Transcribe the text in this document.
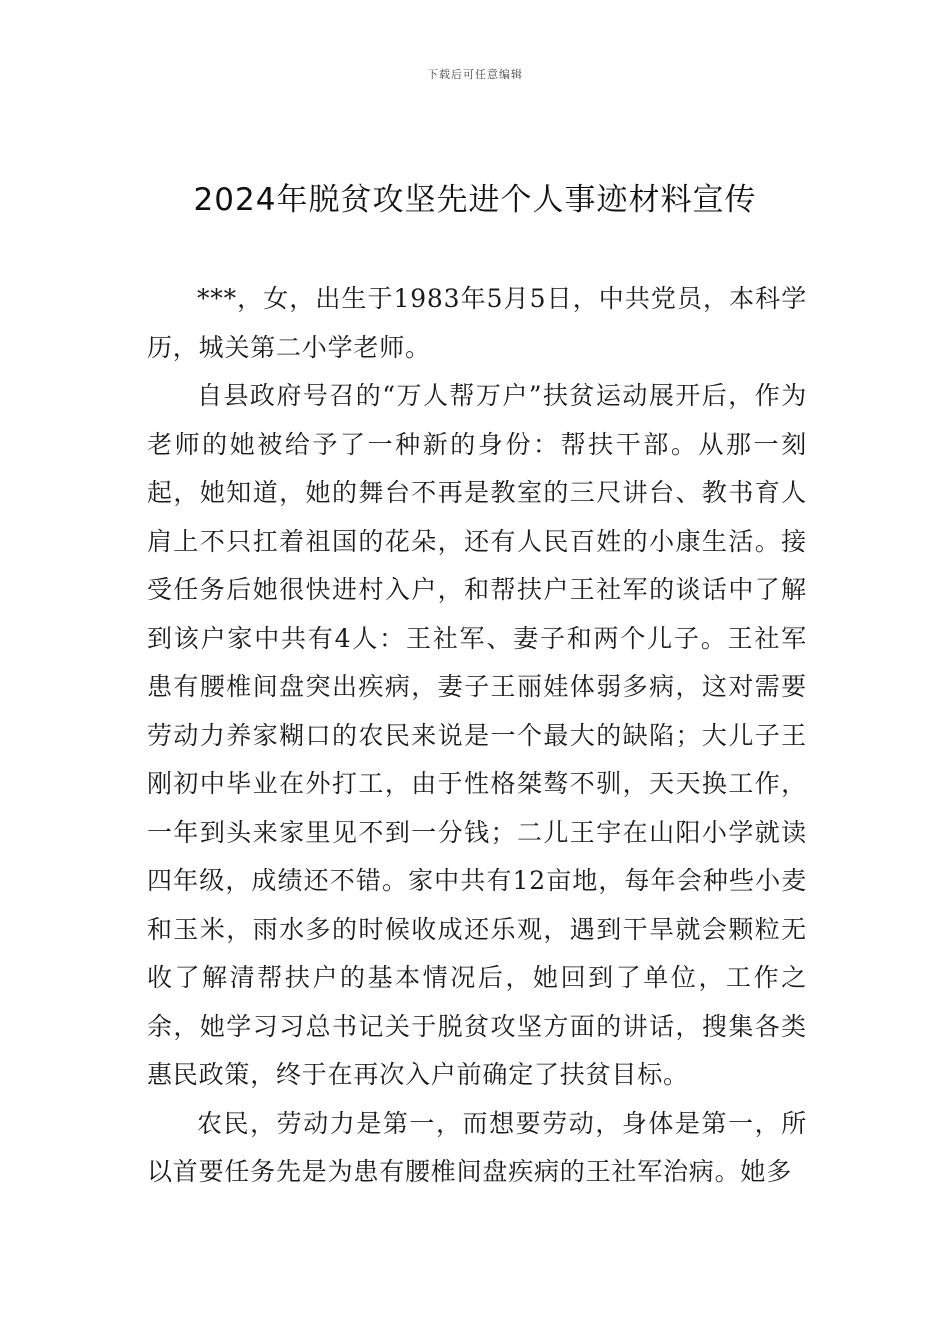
下载后可任意编辑
2024年脱贫攻坚先进个人事迹材料宣传

***，女，出生于1983年5月5日，中共党员，本科学历，城关第二小学老师。

自县政府号召的“万人帮万户”扶贫运动展开后，作为老师的她被给予了一种新的身份：帮扶干部。从那一刻起，她知道，她的舞台不再是教室的三尺讲台、教书育人肩上不只扛着祖国的花朵，还有人民百姓的小康生活。接受任务后她很快进村入户，和帮扶户王社军的谈话中了解到该户家中共有4人：王社军、妻子和两个儿子。王社军患有腰椎间盘突出疾病，妻子王丽娃体弱多病，这对需要劳动力养家糊口的农民来说是一个最大的缺陷；大儿子王刚初中毕业在外打工，由于性格桀骜不驯，天天换工作，一年到头来家里见不到一分钱；二儿王宇在山阳小学就读四年级，成绩还不错。家中共有12亩地，每年会种些小麦和玉米，雨水多的时候收成还乐观，遇到干旱就会颗粒无收了解清帮扶户的基本情况后，她回到了单位，工作之余，她学习习总书记关于脱贫攻坚方面的讲话，搜集各类惠民政策，终于在再次入户前确定了扶贫目标。

农民，劳动力是第一，而想要劳动，身体是第一，所以首要任务先是为患有腰椎间盘疾病的王社军治病。她多
